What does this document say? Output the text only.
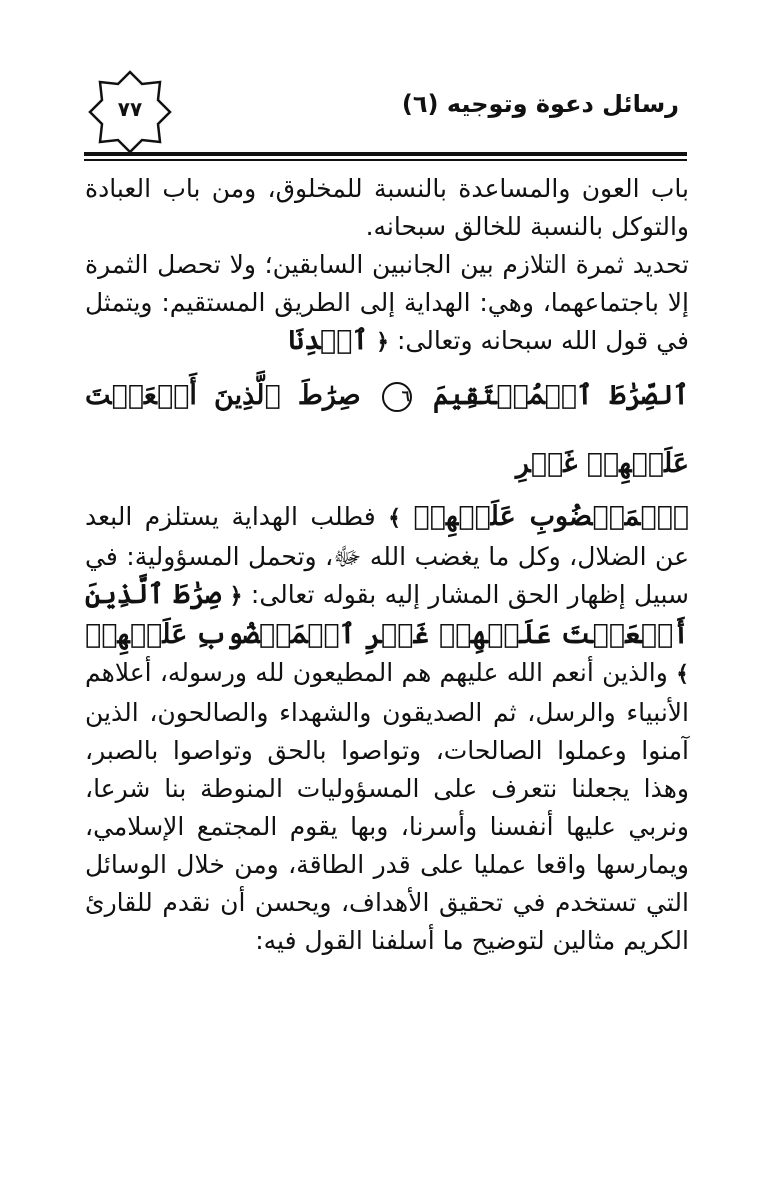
رسائل دعوة وتوجيه (٦)
٧٧

باب العون والمساعدة بالنسبة للمخلوق، ومن باب العبادة والتوكل بالنسبة للخالق سبحانه.

تحديد ثمرة التلازم بين الجانبين السابقين؛ ولا تحصل الثمرة إلا باجتماعهما، وهي: الهداية إلى الطريق المستقيم: ويتمثل في قول الله سبحانه وتعالى: ﴿ ٱهۡدِنَا
ٱلصِّرَٰطَ ٱلۡمُسۡتَقِيمَ ٦ صِرَٰطَ ٱلَّذِينَ أَنۡعَمۡتَ عَلَيۡهِمۡ غَيۡرِ
ٱلۡمَغۡضُوبِ عَلَيۡهِمۡ ﴾ فطلب الهداية يستلزم البعد عن الضلال، وكل ما يغضب الله ﷻ، وتحمل المسؤولية: في سبيل إظهار الحق المشار إليه بقوله تعالى: ﴿ صِرَٰطَ ٱلَّذِينَ أَنۡعَمۡتَ عَلَيۡهِمۡ غَيۡرِ ٱلۡمَغۡضُوبِ عَلَيۡهِمۡ ﴾ والذين أنعم الله عليهم هم المطيعون لله ورسوله، أعلاهم الأنبياء والرسل، ثم الصديقون والشهداء والصالحون، الذين آمنوا وعملوا الصالحات، وتواصوا بالحق وتواصوا بالصبر، وهذا يجعلنا نتعرف على المسؤوليات المنوطة بنا شرعا، ونربي عليها أنفسنا وأسرنا، وبها يقوم المجتمع الإسلامي، ويمارسها واقعا عمليا على قدر الطاقة، ومن خلال الوسائل التي تستخدم في تحقيق الأهداف، ويحسن أن نقدم للقارئ الكريم مثالين لتوضيح ما أسلفنا القول فيه:
